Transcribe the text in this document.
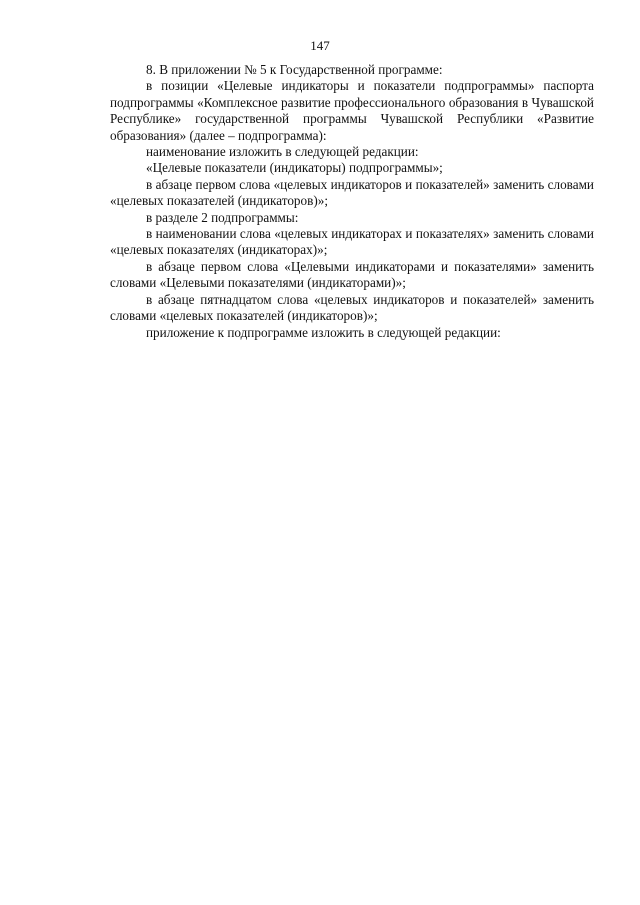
147

8. В приложении № 5 к Государственной программе:

в позиции «Целевые индикаторы и показатели подпрограммы» паспорта подпрограммы «Комплексное развитие профессионального образования в Чувашской Республике» государственной программы Чувашской Республики «Развитие образования» (далее – подпрограмма):

наименование изложить в следующей редакции:

«Целевые показатели (индикаторы) подпрограммы»;

в абзаце первом слова «целевых индикаторов и показателей» заменить словами «целевых показателей (индикаторов)»;

в разделе 2 подпрограммы:

в наименовании слова «целевых индикаторах и показателях» заменить словами «целевых показателях (индикаторах)»;

в абзаце первом слова «Целевыми индикаторами и показателями» заменить словами «Целевыми показателями (индикаторами)»;

в абзаце пятнадцатом слова «целевых индикаторов и показателей» заменить словами «целевых показателей (индикаторов)»;

приложение к подпрограмме изложить в следующей редакции:
